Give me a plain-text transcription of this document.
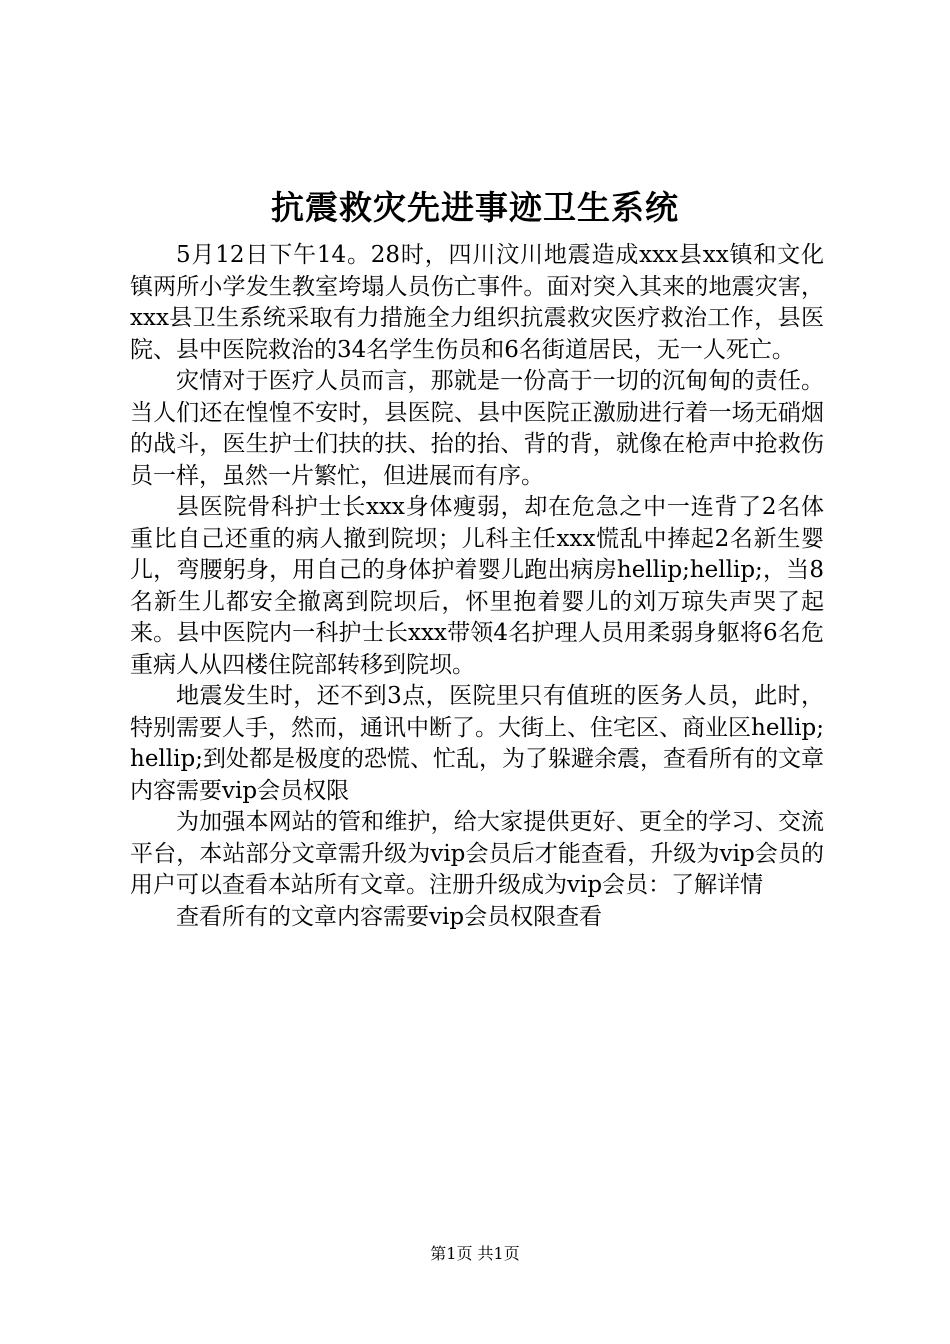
抗震救灾先进事迹卫生系统

5月12日下午14。28时，四川汶川地震造成xxx县xx镇和文化镇两所小学发生教室垮塌人员伤亡事件。面对突入其来的地震灾害，xxx县卫生系统采取有力措施全力组织抗震救灾医疗救治工作，县医院、县中医院救治的34名学生伤员和6名街道居民，无一人死亡。

灾情对于医疗人员而言，那就是一份高于一切的沉甸甸的责任。当人们还在惶惶不安时，县医院、县中医院正激励进行着一场无硝烟的战斗，医生护士们扶的扶、抬的抬、背的背，就像在枪声中抢救伤员一样，虽然一片繁忙，但进展而有序。

县医院骨科护士长xxx身体瘦弱，却在危急之中一连背了2名体重比自己还重的病人撤到院坝；儿科主任xxx慌乱中捧起2名新生婴儿，弯腰躬身，用自己的身体护着婴儿跑出病房hellip;hellip;，当8名新生儿都安全撤离到院坝后，怀里抱着婴儿的刘万琼失声哭了起来。县中医院内一科护士长xxx带领4名护理人员用柔弱身躯将6名危重病人从四楼住院部转移到院坝。

地震发生时，还不到3点，医院里只有值班的医务人员，此时，特别需要人手，然而，通讯中断了。大街上、住宅区、商业区hellip;hellip;到处都是极度的恐慌、忙乱，为了躲避余震，查看所有的文章内容需要vip会员权限

为加强本网站的管和维护，给大家提供更好、更全的学习、交流平台，本站部分文章需升级为vip会员后才能查看，升级为vip会员的用户可以查看本站所有文章。注册升级成为vip会员：了解详情

查看所有的文章内容需要vip会员权限查看

第1页 共1页
